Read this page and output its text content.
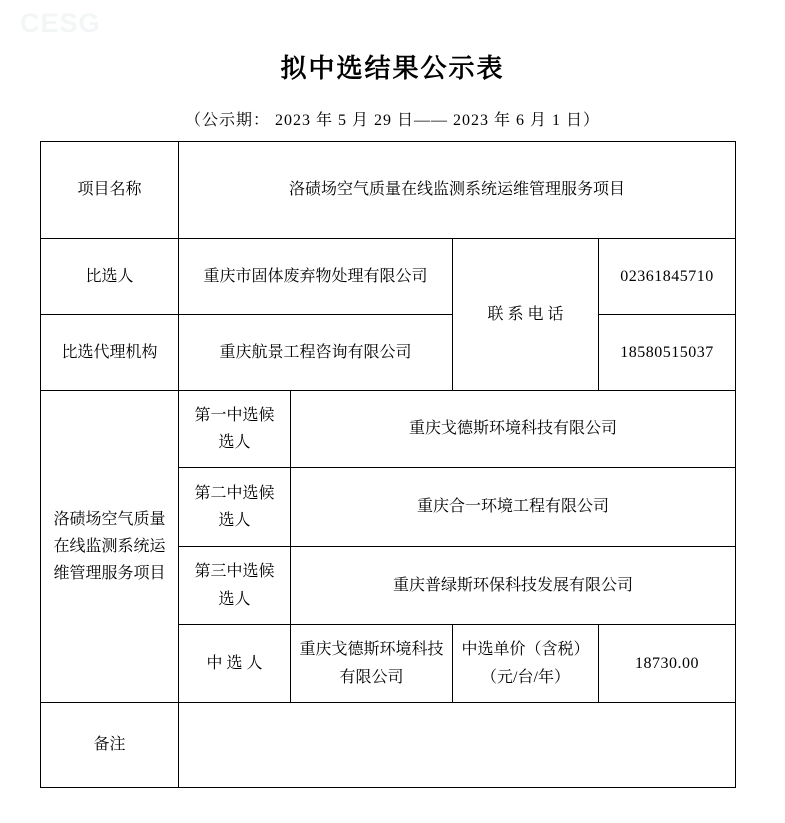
CESG
拟中选结果公示表
（公示期： 2023 年 5 月 29 日—— 2023 年 6 月 1 日）
项目名称	洛碛场空气质量在线监测系统运维管理服务项目			
比选人	重庆市固体废弃物处理有限公司		联 系 电 话	02361845710
比选代理机构	重庆航景工程咨询有限公司			18580515037
洛碛场空气质量在线监测系统运维管理服务项目	第一中选候选人	重庆戈德斯环境科技有限公司		
	第二中选候选人	重庆合一环境工程有限公司		
	第三中选候选人	重庆普绿斯环保科技发展有限公司		
	中 选 人	重庆戈德斯环境科技有限公司	中选单价（含税）（元/台/年）	18730.00
备注				
